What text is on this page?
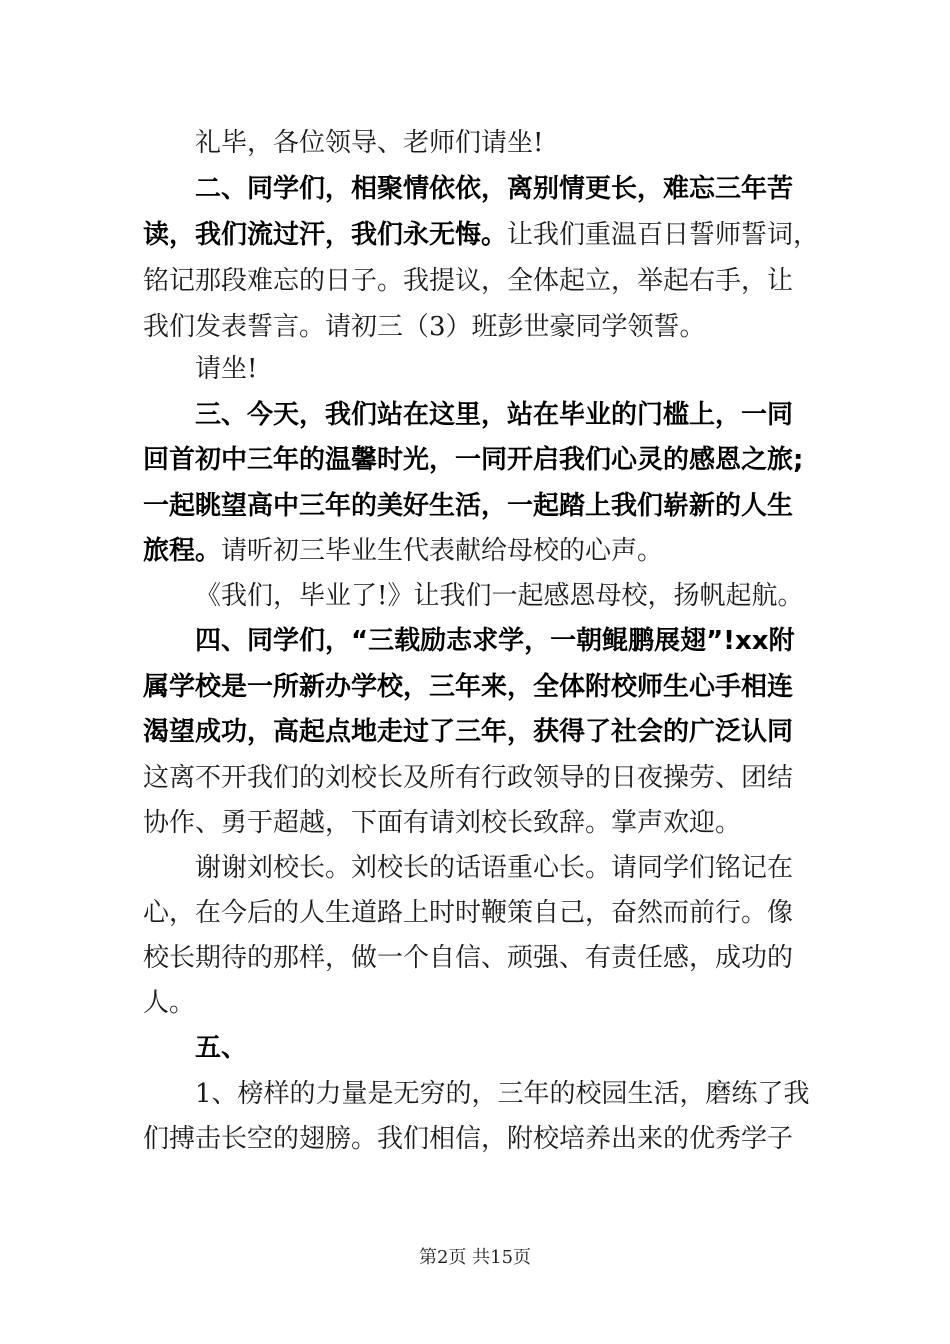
礼毕，各位领导、老师们请坐!
二、同学们，相聚情依依，离别情更长，难忘三年苦
读，我们流过汗，我们永无悔。让我们重温百日誓师誓词，
铭记那段难忘的日子。我提议，全体起立，举起右手，让
我们发表誓言。请初三（3）班彭世豪同学领誓。
请坐!
三、今天，我们站在这里，站在毕业的门槛上，一同
回首初中三年的温馨时光，一同开启我们心灵的感恩之旅;
一起眺望高中三年的美好生活，一起踏上我们崭新的人生
旅程。请听初三毕业生代表献给母校的心声。
《我们，毕业了!》让我们一起感恩母校，扬帆起航。
四、同学们，“三载励志求学，一朝鲲鹏展翅”!xx附
属学校是一所新办学校，三年来，全体附校师生心手相连
渴望成功，高起点地走过了三年，获得了社会的广泛认同
这离不开我们的刘校长及所有行政领导的日夜操劳、团结
协作、勇于超越，下面有请刘校长致辞。掌声欢迎。
谢谢刘校长。刘校长的话语重心长。请同学们铭记在
心，在今后的人生道路上时时鞭策自己，奋然而前行。像
校长期待的那样，做一个自信、顽强、有责任感，成功的
人。
五、
1、榜样的力量是无穷的，三年的校园生活，磨练了我
们搏击长空的翅膀。我们相信，附校培养出来的优秀学子
第2页 共15页
